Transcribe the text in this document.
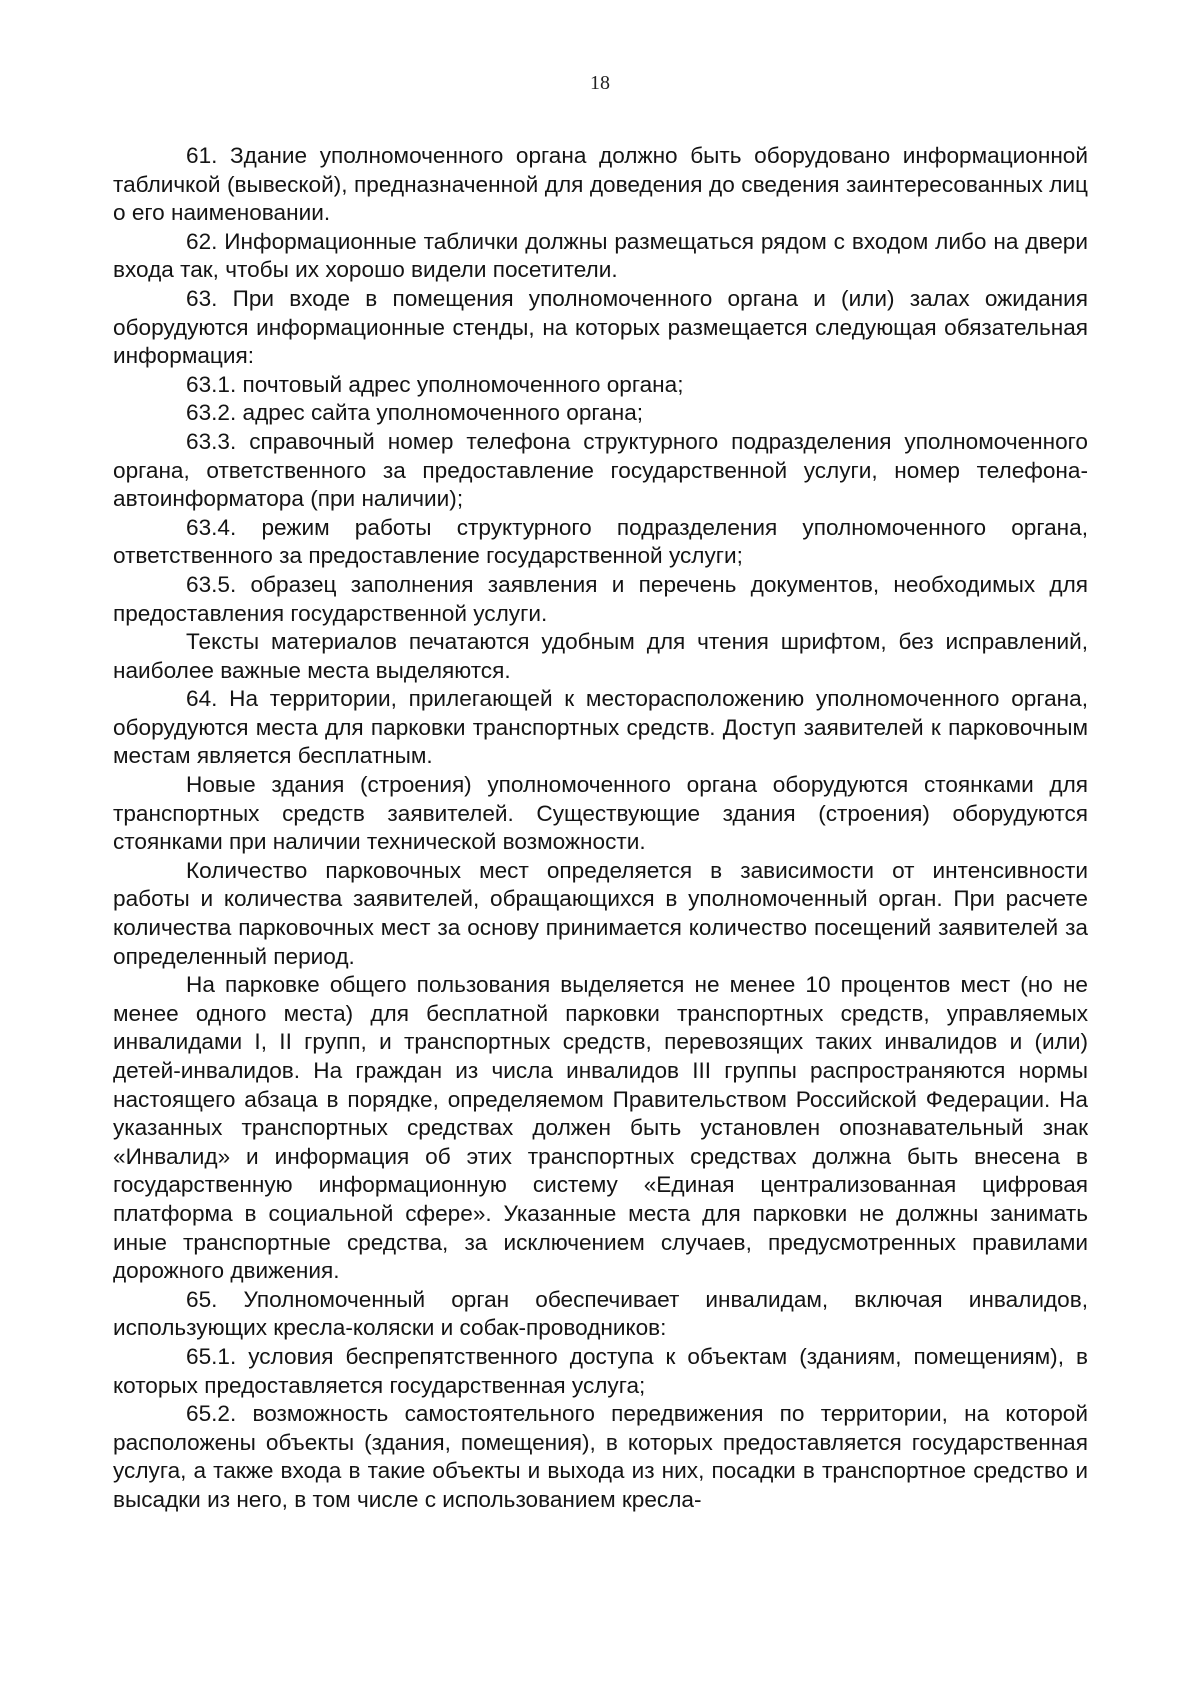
18

61. Здание уполномоченного органа должно быть оборудовано информационной табличкой (вывеской), предназначенной для доведения до сведения заинтересованных лиц о его наименовании.

62. Информационные таблички должны размещаться рядом с входом либо на двери входа так, чтобы их хорошо видели посетители.

63. При входе в помещения уполномоченного органа и (или) залах ожидания оборудуются информационные стенды, на которых размещается следующая обязательная информация:

63.1. почтовый адрес уполномоченного органа;

63.2. адрес сайта уполномоченного органа;

63.3. справочный номер телефона структурного подразделения уполномоченного органа, ответственного за предоставление государственной услуги, номер телефона-автоинформатора (при наличии);

63.4. режим работы структурного подразделения уполномоченного органа, ответственного за предоставление государственной услуги;

63.5. образец заполнения заявления и перечень документов, необходимых для предоставления государственной услуги.

Тексты материалов печатаются удобным для чтения шрифтом, без исправлений, наиболее важные места выделяются.

64. На территории, прилегающей к месторасположению уполномоченного органа, оборудуются места для парковки транспортных средств. Доступ заявителей к парковочным местам является бесплатным.

Новые здания (строения) уполномоченного органа оборудуются стоянками для транспортных средств заявителей. Существующие здания (строения) оборудуются стоянками при наличии технической возможности.

Количество парковочных мест определяется в зависимости от интенсивности работы и количества заявителей, обращающихся в уполномоченный орган. При расчете количества парковочных мест за основу принимается количество посещений заявителей за определенный период.

На парковке общего пользования выделяется не менее 10 процентов мест (но не менее одного места) для бесплатной парковки транспортных средств, управляемых инвалидами I, II групп, и транспортных средств, перевозящих таких инвалидов и (или) детей-инвалидов. На граждан из числа инвалидов III группы распространяются нормы настоящего абзаца в порядке, определяемом Правительством Российской Федерации. На указанных транспортных средствах должен быть установлен опознавательный знак «Инвалид» и информация об этих транспортных средствах должна быть внесена в государственную информационную систему «Единая централизованная цифровая платформа в социальной сфере». Указанные места для парковки не должны занимать иные транспортные средства, за исключением случаев, предусмотренных правилами дорожного движения.

65. Уполномоченный орган обеспечивает инвалидам, включая инвалидов, использующих кресла-коляски и собак-проводников:

65.1. условия беспрепятственного доступа к объектам (зданиям, помещениям), в которых предоставляется государственная услуга;

65.2. возможность самостоятельного передвижения по территории, на которой расположены объекты (здания, помещения), в которых предоставляется государственная услуга, а также входа в такие объекты и выхода из них, посадки в транспортное средство и высадки из него, в том числе с использованием кресла-
